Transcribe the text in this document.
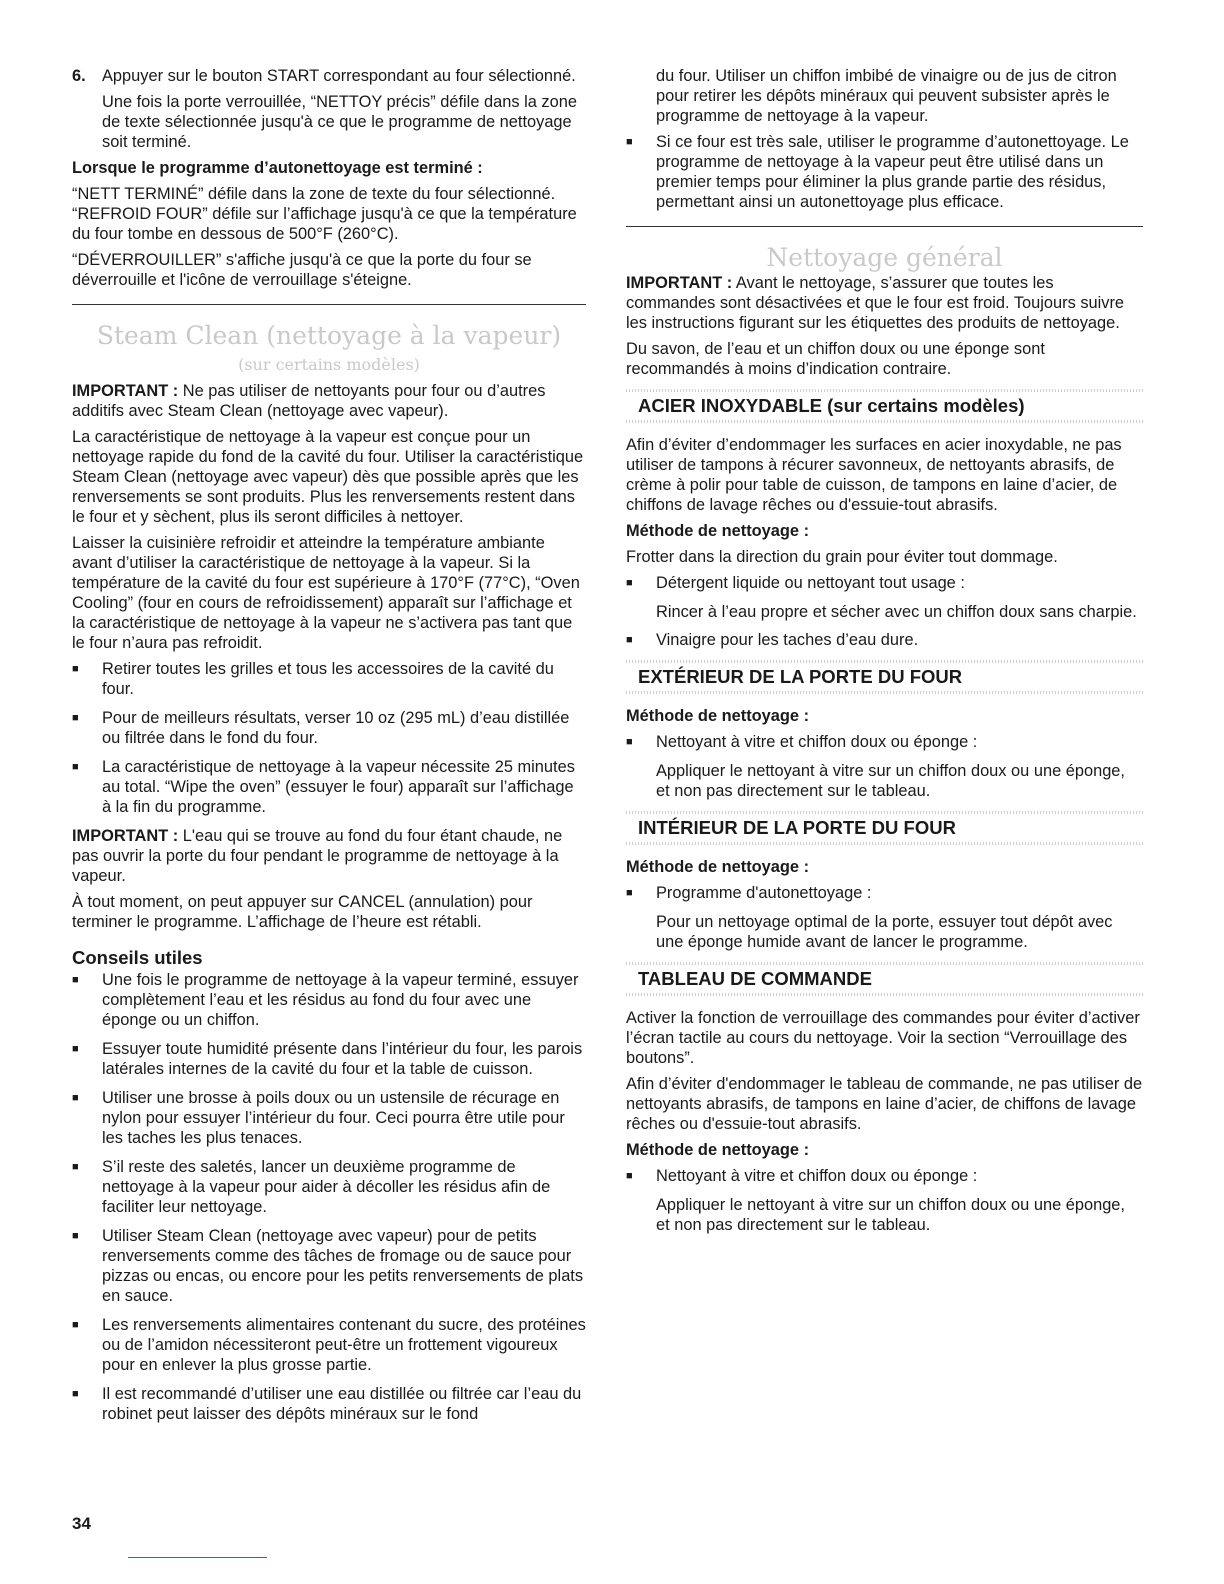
6. Appuyer sur le bouton START correspondant au four sélectionné.

Une fois la porte verrouillée, “NETTOY précis” défile dans la zone de texte sélectionnée jusqu'à ce que le programme de nettoyage soit terminé.

Lorsque le programme d’autonettoyage est terminé :

“NETT TERMINÉ” défile dans la zone de texte du four sélectionné. “REFROID FOUR” défile sur l’affichage jusqu'à ce que la température du four tombe en dessous de 500°F (260°C).

“DÉVERROUILLER” s'affiche jusqu'à ce que la porte du four se déverrouille et l'icône de verrouillage s'éteigne.

Steam Clean (nettoyage à la vapeur)
(sur certains modèles)

IMPORTANT : Ne pas utiliser de nettoyants pour four ou d’autres additifs avec Steam Clean (nettoyage avec vapeur).

La caractéristique de nettoyage à la vapeur est conçue pour un nettoyage rapide du fond de la cavité du four. Utiliser la caractéristique Steam Clean (nettoyage avec vapeur) dès que possible après que les renversements se sont produits. Plus les renversements restent dans le four et y sèchent, plus ils seront difficiles à nettoyer.

Laisser la cuisinière refroidir et atteindre la température ambiante avant d’utiliser la caractéristique de nettoyage à la vapeur. Si la température de la cavité du four est supérieure à 170°F (77°C), “Oven Cooling” (four en cours de refroidissement) apparaît sur l’affichage et la caractéristique de nettoyage à la vapeur ne s’activera pas tant que le four n’aura pas refroidit.

■	Retirer toutes les grilles et tous les accessoires de la cavité du four.
■	Pour de meilleurs résultats, verser 10 oz (295 mL) d’eau distillée ou filtrée dans le fond du four.
■	La caractéristique de nettoyage à la vapeur nécessite 25 minutes au total. “Wipe the oven” (essuyer le four) apparaît sur l’affichage à la fin du programme.

IMPORTANT : L'eau qui se trouve au fond du four étant chaude, ne pas ouvrir la porte du four pendant le programme de nettoyage à la vapeur.

À tout moment, on peut appuyer sur CANCEL (annulation) pour terminer le programme. L’affichage de l’heure est rétabli.

Conseils utiles
■	Une fois le programme de nettoyage à la vapeur terminé, essuyer complètement l’eau et les résidus au fond du four avec une éponge ou un chiffon.
■	Essuyer toute humidité présente dans l’intérieur du four, les parois latérales internes de la cavité du four et la table de cuisson.
■	Utiliser une brosse à poils doux ou un ustensile de récurage en nylon pour essuyer l’intérieur du four. Ceci pourra être utile pour les taches les plus tenaces.
■	S’il reste des saletés, lancer un deuxième programme de nettoyage à la vapeur pour aider à décoller les résidus afin de faciliter leur nettoyage.
■	Utiliser Steam Clean (nettoyage avec vapeur) pour de petits renversements comme des tâches de fromage ou de sauce pour pizzas ou encas, ou encore pour les petits renversements de plats en sauce.
■	Les renversements alimentaires contenant du sucre, des protéines ou de l’amidon nécessiteront peut-être un frottement vigoureux pour en enlever la plus grosse partie.
■	Il est recommandé d’utiliser une eau distillée ou filtrée car l’eau du robinet peut laisser des dépôts minéraux sur le fond

du four. Utiliser un chiffon imbibé de vinaigre ou de jus de citron pour retirer les dépôts minéraux qui peuvent subsister après le programme de nettoyage à la vapeur.

■	Si ce four est très sale, utiliser le programme d’autonettoyage. Le programme de nettoyage à la vapeur peut être utilisé dans un premier temps pour éliminer la plus grande partie des résidus, permettant ainsi un autonettoyage plus efficace.
Nettoyage général

IMPORTANT : Avant le nettoyage, s’assurer que toutes les commandes sont désactivées et que le four est froid. Toujours suivre les instructions figurant sur les étiquettes des produits de nettoyage.

Du savon, de l’eau et un chiffon doux ou une éponge sont recommandés à moins d’indication contraire.

ACIER INOXYDABLE (sur certains modèles)

Afin d’éviter d’endommager les surfaces en acier inoxydable, ne pas utiliser de tampons à récurer savonneux, de nettoyants abrasifs, de crème à polir pour table de cuisson, de tampons en laine d’acier, de chiffons de lavage rêches ou d'essuie-tout abrasifs.

Méthode de nettoyage :

Frotter dans la direction du grain pour éviter tout dommage.

■	Détergent liquide ou nettoyant tout usage :

Rincer à l’eau propre et sécher avec un chiffon doux sans charpie.

■	Vinaigre pour les taches d’eau dure.
EXTÉRIEUR DE LA PORTE DU FOUR

Méthode de nettoyage :

■	Nettoyant à vitre et chiffon doux ou éponge :

Appliquer le nettoyant à vitre sur un chiffon doux ou une éponge, et non pas directement sur le tableau.

INTÉRIEUR DE LA PORTE DU FOUR

Méthode de nettoyage :

■	Programme d'autonettoyage :

Pour un nettoyage optimal de la porte, essuyer tout dépôt avec une éponge humide avant de lancer le programme.

TABLEAU DE COMMANDE

Activer la fonction de verrouillage des commandes pour éviter d’activer l’écran tactile au cours du nettoyage. Voir la section “Verrouillage des boutons”.

Afin d’éviter d'endommager le tableau de commande, ne pas utiliser de nettoyants abrasifs, de tampons en laine d’acier, de chiffons de lavage rêches ou d'essuie-tout abrasifs.

Méthode de nettoyage :

■	Nettoyant à vitre et chiffon doux ou éponge :

Appliquer le nettoyant à vitre sur un chiffon doux ou une éponge, et non pas directement sur le tableau.

34
